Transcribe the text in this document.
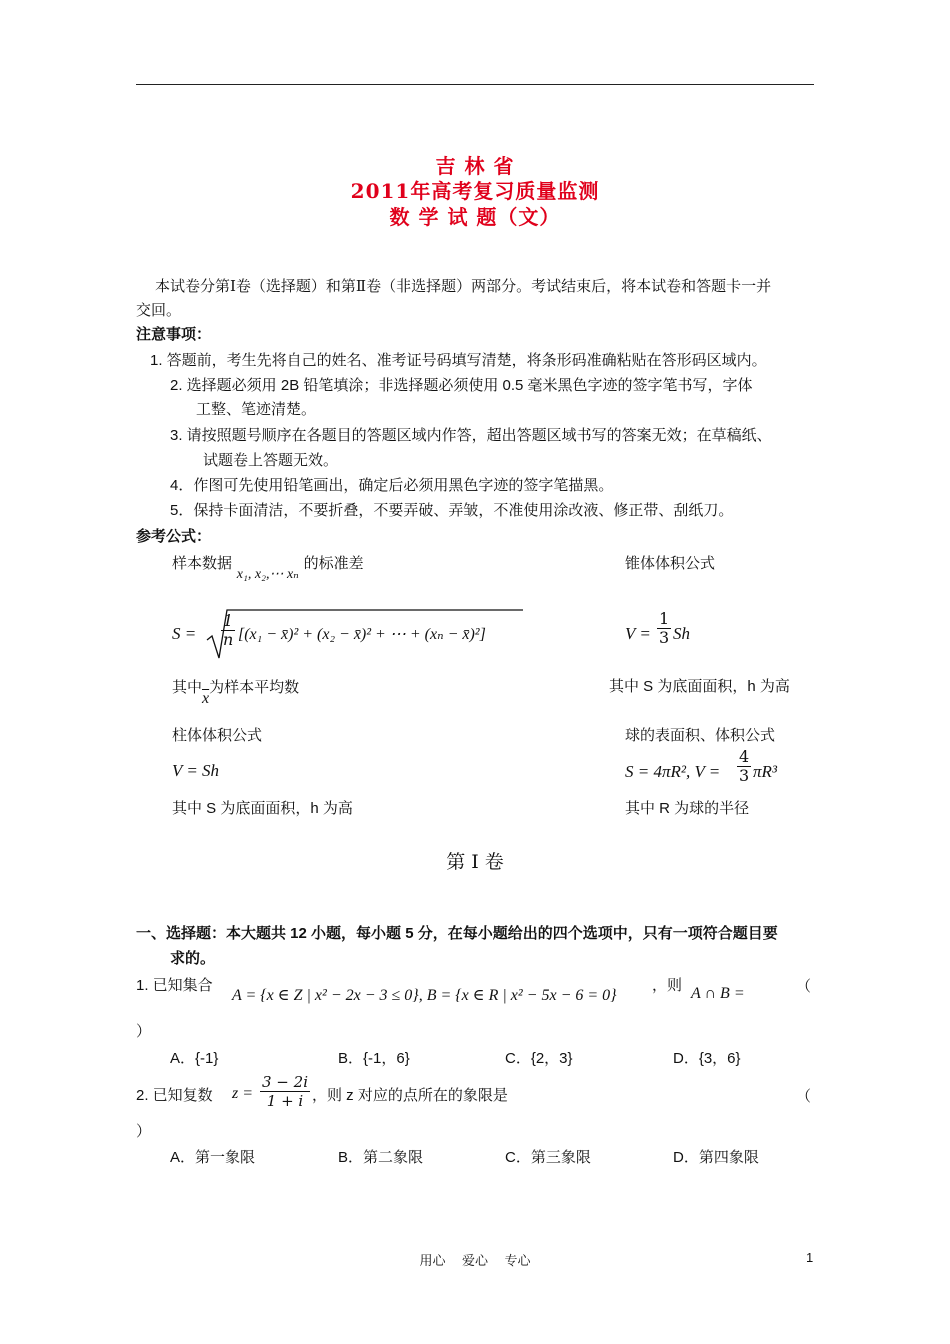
吉 林 省
2011年高考复习质量监测
数 学 试 题（文）
本试卷分第Ⅰ卷（选择题）和第Ⅱ卷（非选择题）两部分。考试结束后，将本试卷和答题卡一并
交回。
注意事项：
1. 答题前，考生先将自己的姓名、准考证号码填写清楚，将条形码准确粘贴在答形码区域内。
2. 选择题必须用 2B 铅笔填涂；非选择题必须使用 0.5 毫米黑色字迹的签字笔书写，字体
工整、笔迹清楚。
3. 请按照题号顺序在各题目的答题区域内作答，超出答题区域书写的答案无效；在草稿纸、
试题卷上答题无效。
4．作图可先使用铅笔画出，确定后必须用黑色字迹的签字笔描黑。
5．保持卡面清洁，不要折叠，不要弄破、弄皱，不准使用涂改液、修正带、刮纸刀。
参考公式：
样本数据 x₁, x₂,⋯ xₙ 的标准差	锥体体积公式
$S = \frac{1}{n} [(x_1$ − x̄)² + (x₂ − x̄)² + ⋯ + (xₙ − x̄)²]	$V = \frac{1}{3}$ Sh
其中$\overline{x}$为样本平均数	其中 S 为底面面积，h 为高
柱体体积公式	球的表面积、体积公式
V = Sh	S = 4πR², $V = \frac{4}{3} \pi R^3$
其中 S 为底面面积，h 为高	其中 R 为球的半径
第 Ⅰ 卷
一、选择题：本大题共 12 小题，每小题 5 分，在每小题给出的四个选项中，只有一项符合题目要
求的。
1. 已知集合
A = {x ∈ Z | x² − 2x − 3 ≤ 0}, B = {x ∈ R | x² − 5x − 6 = 0}
，则 A ∩ B =	（
）
A．{-1}	B．{-1，6}	C．{2，3}	D．{3，6}
2. 已知复数 $z = \frac{3 - 2i}{1 + i}$ ，则 z 对应的点所在的象限是	（
）
A．第一象限	B．第二象限	C．第三象限	D．第四象限
用心    爱心    专心	1
